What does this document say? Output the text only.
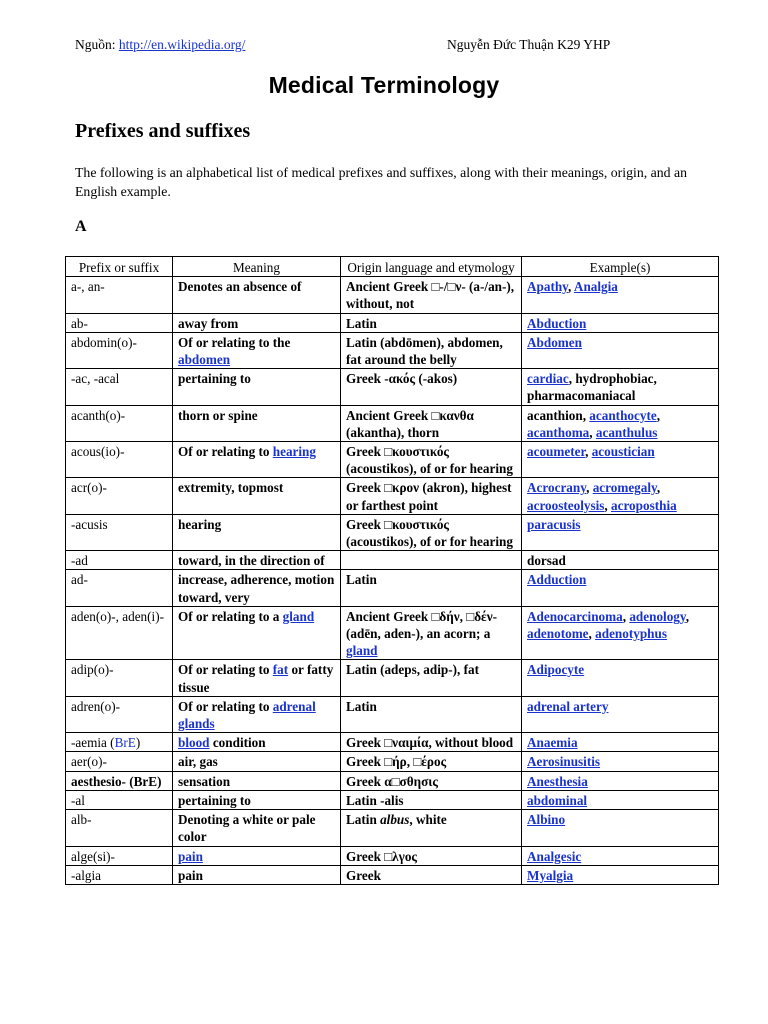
Nguồn: http://en.wikipedia.org/	Nguyễn Đức Thuận K29 YHP
Medical Terminology
Prefixes and suffixes
The following is an alphabetical list of medical prefixes and suffixes, along with their meanings, origin, and an English example.
A
Prefix or suffix	Meaning	Origin language and etymology	Example(s)
a-, an-	Denotes an absence of	Ancient Greek □-/□ν- (a-/an-), without, not	Apathy, Analgia
ab-	away from	Latin	Abduction
abdomin(o)-	Of or relating to the abdomen	Latin (abdōmen), abdomen, fat around the belly	Abdomen
-ac, -acal	pertaining to	Greek -ακός (-akos)	cardiac, hydrophobiac, pharmacomaniacal
acanth(o)-	thorn or spine	Ancient Greek □κανθα (akantha), thorn	acanthion, acanthocyte, acanthoma, acanthulus
acous(io)-	Of or relating to hearing	Greek □κουστικός (acoustikos), of or for hearing	acoumeter, acoustician
acr(o)-	extremity, topmost	Greek □κρον (akron), highest or farthest point	Acrocrany, acromegaly, acroosteolysis, acroposthia
-acusis	hearing	Greek □κουστικός (acoustikos), of or for hearing	paracusis
-ad	toward, in the direction of		dorsad
ad-	increase, adherence, motion toward, very	Latin	Adduction
aden(o)-, aden(i)-	Of or relating to a gland	Ancient Greek □δήν, □δέν- (adēn, aden-), an acorn; a gland	Adenocarcinoma, adenology, adenotome, adenotyphus
adip(o)-	Of or relating to fat or fatty tissue	Latin (adeps, adip-), fat	Adipocyte
adren(o)-	Of or relating to adrenal glands	Latin	adrenal artery
-aemia (BrE)	blood condition	Greek □ναιμία, without blood	Anaemia
aer(o)-	air, gas	Greek □ήρ, □έρος	Aerosinusitis
aesthesio- (BrE)	sensation	Greek α□σθησις	Anesthesia
-al	pertaining to	Latin -alis	abdominal
alb-	Denoting a white or pale color	Latin albus, white	Albino
alge(si)-	pain	Greek □λγος	Analgesic
-algia	pain	Greek	Myalgia
